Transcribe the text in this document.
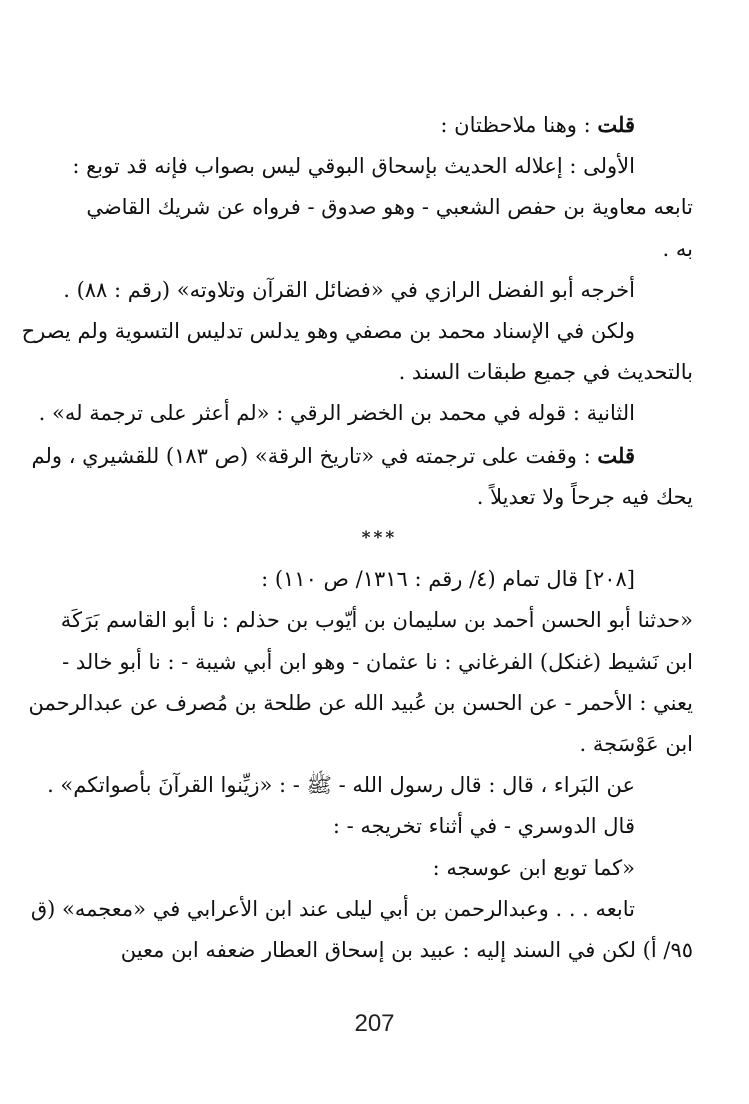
قلت : وهنا ملاحظتان :
الأولى : إعلاله الحديث بإسحاق البوقي ليس بصواب فإنه قد توبع :
تابعه معاوية بن حفص الشعبي - وهو صدوق - فرواه عن شريك القاضي
به .
أخرجه أبو الفضل الرازي في «فضائل القرآن وتلاوته» (رقم : ٨٨) .
ولكن في الإسناد محمد بن مصفي وهو يدلس تدليس التسوية ولم يصرح
بالتحديث في جميع طبقات السند .
الثانية : قوله في محمد بن الخضر الرقي : «لم أعثر على ترجمة له» .
قلت : وقفت على ترجمته في «تاريخ الرقة» (ص ١٨٣) للقشيري ، ولم
يحك فيه جرحاً ولا تعديلاً .
***
[٢٠٨] قال تمام (٤/ رقم : ١٣١٦/ ص ١١٠) :
«حدثنا أبو الحسن أحمد بن سليمان بن أيّوب بن حذلم : نا أبو القاسم بَرَكَة
ابن نَشيط (غنكل) الفرغاني : نا عثمان - وهو ابن أبي شيبة - : نا أبو خالد -
يعني : الأحمر - عن الحسن بن عُبيد الله عن طلحة بن مُصرف عن عبدالرحمن
ابن عَوْسَجة .
عن البَراء ، قال : قال رسول الله - ﷺ - : «زيِّنوا القرآنَ بأصواتكم» .
قال الدوسري - في أثناء تخريجه - :
«كما توبع ابن عوسجه :
تابعه . . . وعبدالرحمن بن أبي ليلى عند ابن الأعرابي في «معجمه» (ق
٩٥/ أ) لكن في السند إليه : عبيد بن إسحاق العطار ضعفه ابن معين
207
